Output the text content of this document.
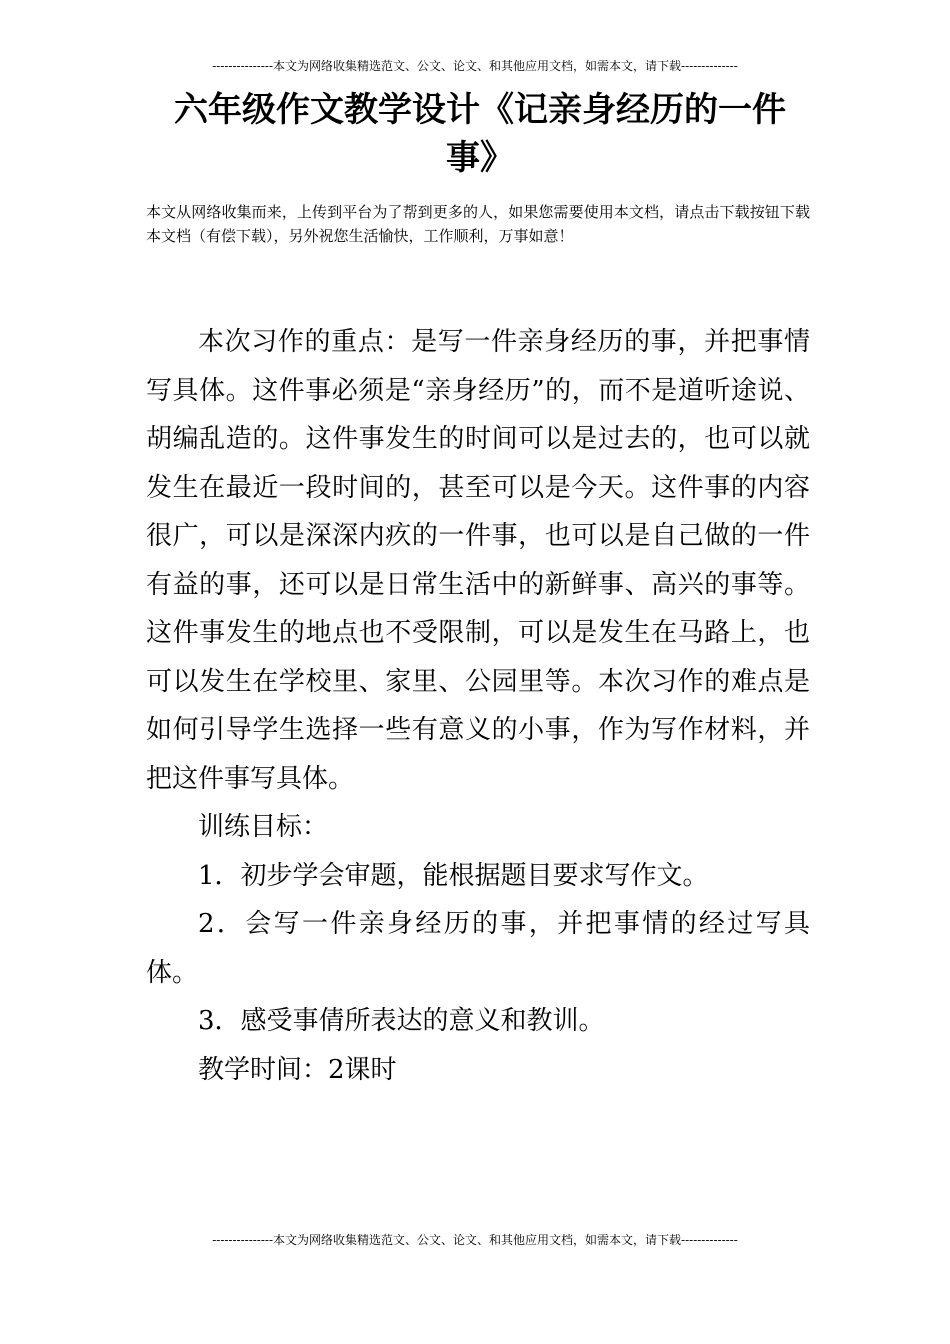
---------------本文为网络收集精选范文、公文、论文、和其他应用文档，如需本文，请下载--------------
六年级作文教学设计《记亲身经历的一件事》
本文从网络收集而来，上传到平台为了帮到更多的人，如果您需要使用本文档，请点击下载按钮下载本文档（有偿下载），另外祝您生活愉快，工作顺利，万事如意！

本次习作的重点：是写一件亲身经历的事，并把事情写具体。这件事必须是“亲身经历”的，而不是道听途说、胡编乱造的。这件事发生的时间可以是过去的，也可以就发生在最近一段时间的，甚至可以是今天。这件事的内容很广，可以是深深内疚的一件事，也可以是自己做的一件有益的事，还可以是日常生活中的新鲜事、高兴的事等。这件事发生的地点也不受限制，可以是发生在马路上，也可以发生在学校里、家里、公园里等。本次习作的难点是如何引导学生选择一些有意义的小事，作为写作材料，并把这件事写具体。

训练目标：

1．初步学会审题，能根据题目要求写作文。

2．会写一件亲身经历的事，并把事情的经过写具体。

3．感受事倩所表达的意义和教训。

教学时间：2课时

---------------本文为网络收集精选范文、公文、论文、和其他应用文档，如需本文，请下载--------------
